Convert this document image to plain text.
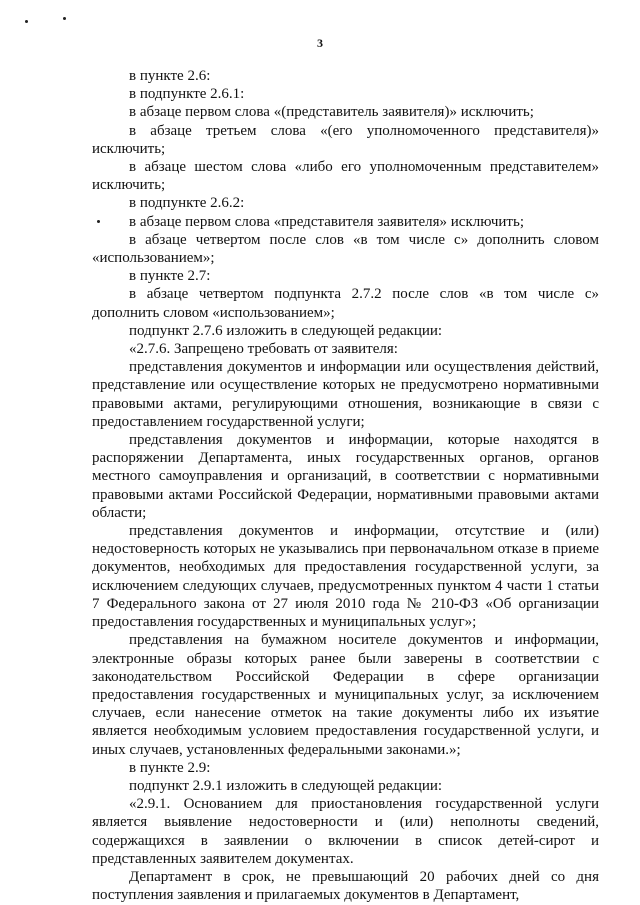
3

в пункте 2.6:

в подпункте 2.6.1:

в абзаце первом слова «(представитель заявителя)» исключить;

в абзаце третьем слова «(его уполномоченного представителя)» исключить;

в абзаце шестом слова «либо его уполномоченным представителем» исключить;

в подпункте 2.6.2:

в абзаце первом слова «представителя заявителя» исключить;

в абзаце четвертом после слов «в том числе с» дополнить словом «использованием»;

в пункте 2.7:

в абзаце четвертом подпункта 2.7.2 после слов «в том числе с» дополнить словом «использованием»;

подпункт 2.7.6 изложить в следующей редакции:

«2.7.6. Запрещено требовать от заявителя:

представления документов и информации или осуществления действий, представление или осуществление которых не предусмотрено нормативными правовыми актами, регулирующими отношения, возникающие в связи с предоставлением государственной услуги;

представления документов и информации, которые находятся в распоряжении Департамента, иных государственных органов, органов местного самоуправления и организаций, в соответствии с нормативными правовыми актами Российской Федерации, нормативными правовыми актами области;

представления документов и информации, отсутствие и (или) недостоверность которых не указывались при первоначальном отказе в приеме документов, необходимых для предоставления государственной услуги, за исключением следующих случаев, предусмотренных пунктом 4 части 1 статьи 7 Федерального закона от 27 июля 2010 года № 210-ФЗ «Об организации предоставления государственных и муниципальных услуг»;

представления на бумажном носителе документов и информации, электронные образы которых ранее были заверены в соответствии с законодательством Российской Федерации в сфере организации предоставления государственных и муниципальных услуг, за исключением случаев, если нанесение отметок на такие документы либо их изъятие является необходимым условием предоставления государственной услуги, и иных случаев, установленных федеральными законами.»;

в пункте 2.9:

подпункт 2.9.1 изложить в следующей редакции:

«2.9.1. Основанием для приостановления государственной услуги является выявление недостоверности и (или) неполноты сведений, содержащихся в заявлении о включении в список детей-сирот и представленных заявителем документах.

Департамент в срок, не превышающий 20 рабочих дней со дня поступления заявления и прилагаемых документов в Департамент,
